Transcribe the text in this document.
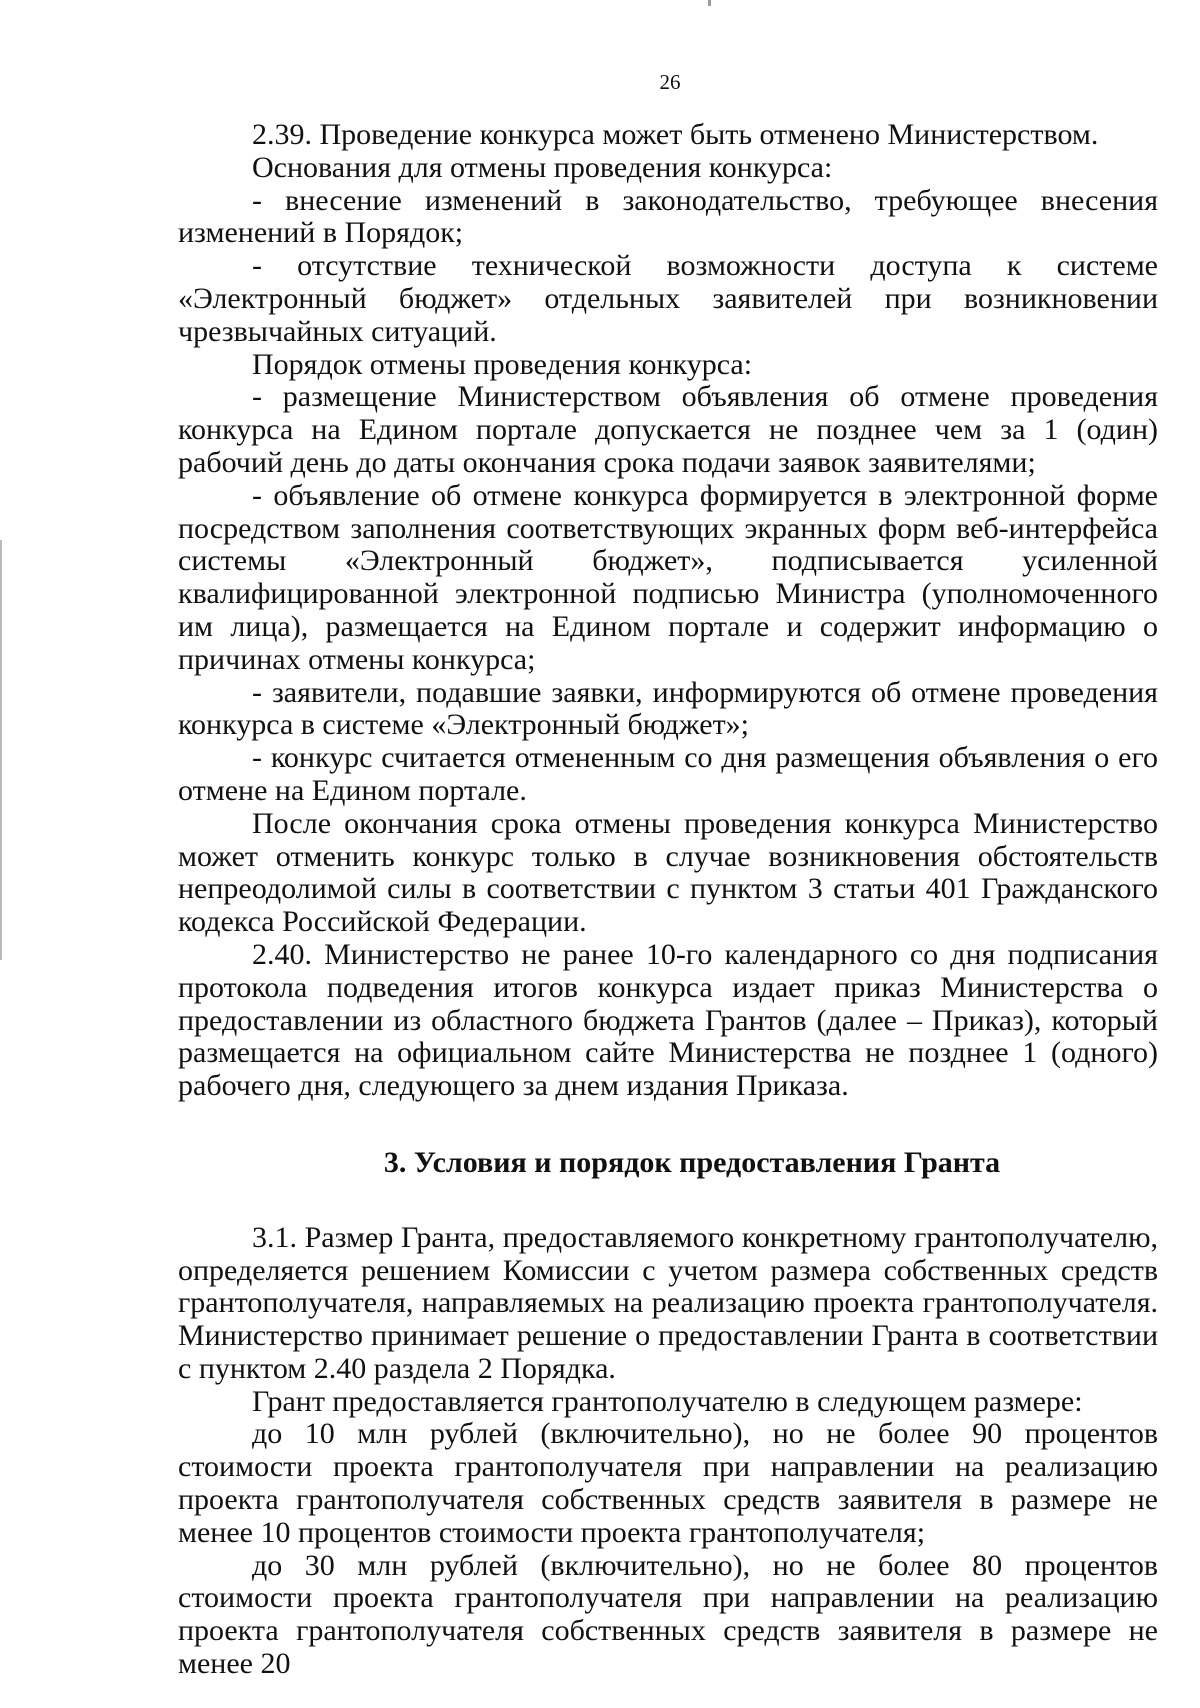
26

2.39. Проведение конкурса может быть отменено Министерством.

Основания для отмены проведения конкурса:

- внесение изменений в законодательство, требующее внесения изменений в Порядок;

- отсутствие технической возможности доступа к системе «Электронный бюджет» отдельных заявителей при возникновении чрезвычайных ситуаций.

Порядок отмены проведения конкурса:

- размещение Министерством объявления об отмене проведения конкурса на Едином портале допускается не позднее чем за 1 (один) рабочий день до даты окончания срока подачи заявок заявителями;

- объявление об отмене конкурса формируется в электронной форме посредством заполнения соответствующих экранных форм веб-интерфейса системы «Электронный бюджет», подписывается усиленной квалифицированной электронной подписью Министра (уполномоченного им лица), размещается на Едином портале и содержит информацию о причинах отмены конкурса;

- заявители, подавшие заявки, информируются об отмене проведения конкурса в системе «Электронный бюджет»;

- конкурс считается отмененным со дня размещения объявления о его отмене на Едином портале.

После окончания срока отмены проведения конкурса Министерство может отменить конкурс только в случае возникновения обстоятельств непреодолимой силы в соответствии с пунктом 3 статьи 401 Гражданского кодекса Российской Федерации.

2.40. Министерство не ранее 10-го календарного со дня подписания протокола подведения итогов конкурса издает приказ Министерства о предоставлении из областного бюджета Грантов (далее – Приказ), который размещается на официальном сайте Министерства не позднее 1 (одного) рабочего дня, следующего за днем издания Приказа.

3. Условия и порядок предоставления Гранта

3.1. Размер Гранта, предоставляемого конкретному грантополучателю, определяется решением Комиссии с учетом размера собственных средств грантополучателя, направляемых на реализацию проекта грантополучателя. Министерство принимает решение о предоставлении Гранта в соответствии с пунктом 2.40 раздела 2 Порядка.

Грант предоставляется грантополучателю в следующем размере:

до 10 млн рублей (включительно), но не более 90 процентов стоимости проекта грантополучателя при направлении на реализацию проекта грантополучателя собственных средств заявителя в размере не менее 10 процентов стоимости проекта грантополучателя;

до 30 млн рублей (включительно), но не более 80 процентов стоимости проекта грантополучателя при направлении на реализацию проекта грантополучателя собственных средств заявителя в размере не менее 20
